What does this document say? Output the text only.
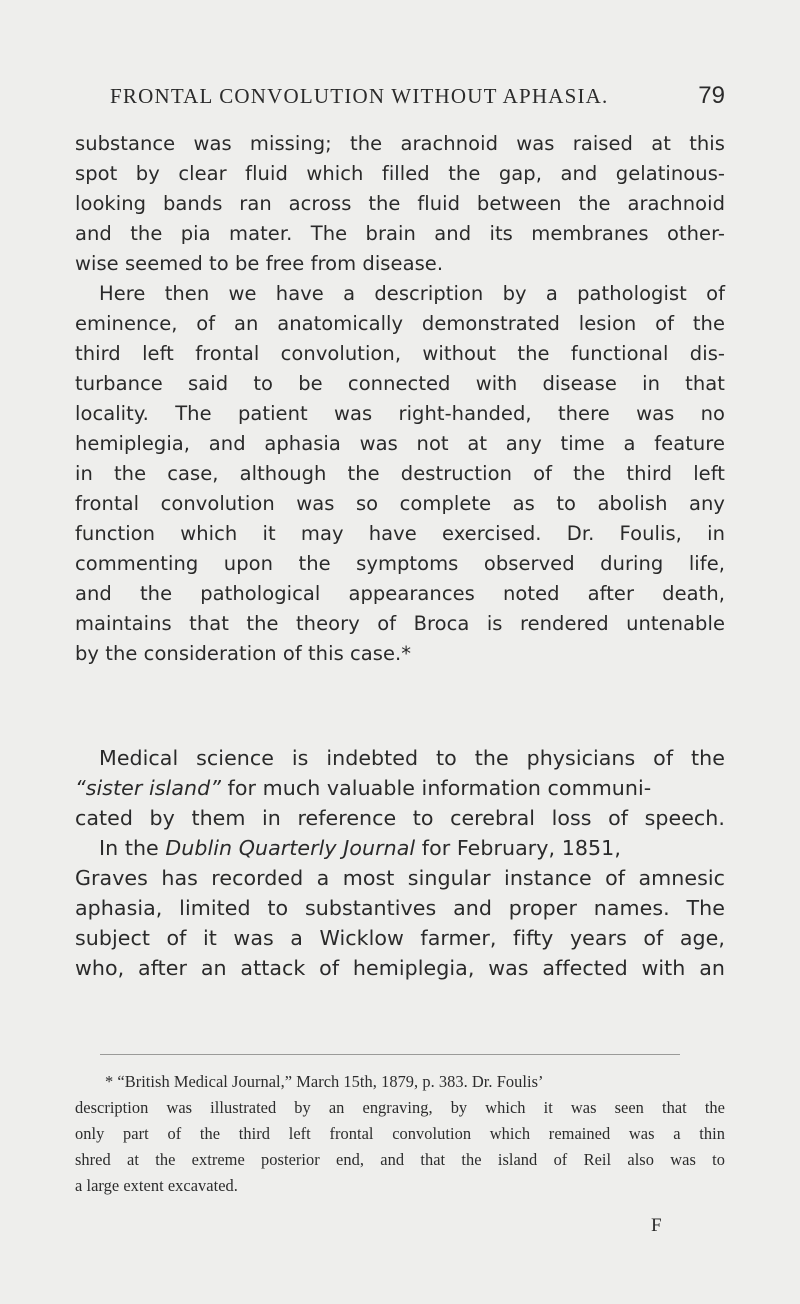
FRONTAL CONVOLUTION WITHOUT APHASIA.	79
substance was missing; the arachnoid was raised at this
spot by clear fluid which filled the gap, and gelatinous-
looking bands ran across the fluid between the arachnoid
and the pia mater. The brain and its membranes other-
wise seemed to be free from disease.
Here then we have a description by a pathologist of
eminence, of an anatomically demonstrated lesion of the
third left frontal convolution, without the functional dis-
turbance said to be connected with disease in that
locality. The patient was right-handed, there was no
hemiplegia, and aphasia was not at any time a feature
in the case, although the destruction of the third left
frontal convolution was so complete as to abolish any
function which it may have exercised. Dr. Foulis, in
commenting upon the symptoms observed during life,
and the pathological appearances noted after death,
maintains that the theory of Broca is rendered untenable
by the consideration of this case.*
Medical science is indebted to the physicians of the
“sister island” for much valuable information communi-
cated by them in reference to cerebral loss of speech.
In the Dublin Quarterly Journal for February, 1851,
Graves has recorded a most singular instance of amnesic
aphasia, limited to substantives and proper names. The
subject of it was a Wicklow farmer, fifty years of age,
who, after an attack of hemiplegia, was affected with an
* “British Medical Journal,” March 15th, 1879, p. 383. Dr. Foulis’
description was illustrated by an engraving, by which it was seen that the
only part of the third left frontal convolution which remained was a thin
shred at the extreme posterior end, and that the island of Reil also was to
a large extent excavated.
F
